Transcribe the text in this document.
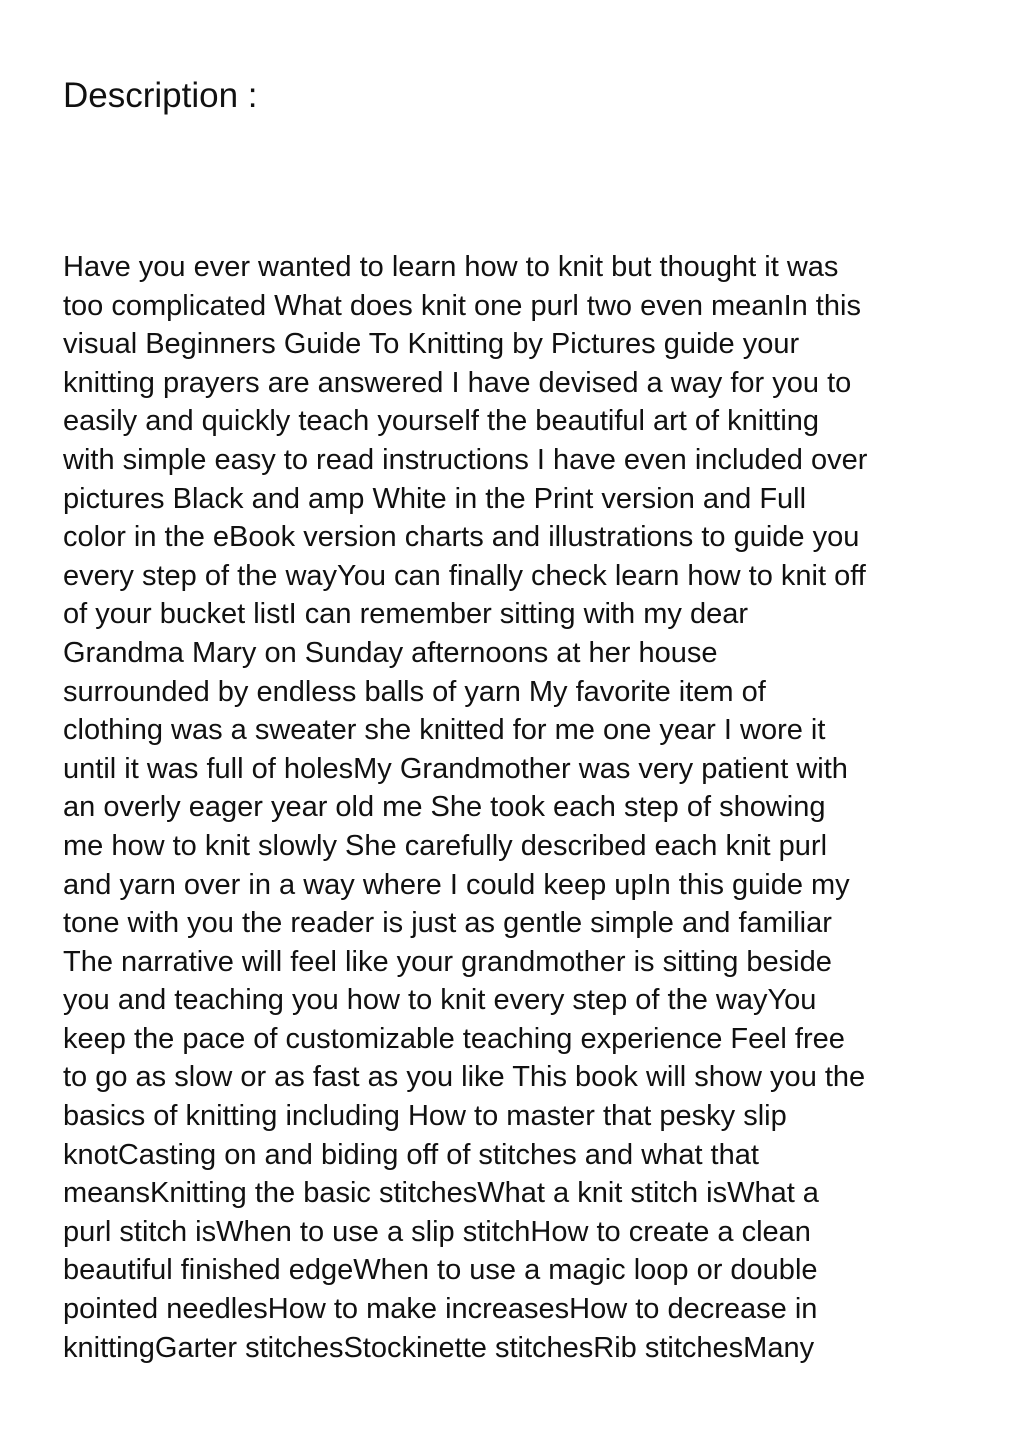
Description :
Have you ever wanted to learn how to knit but thought it was
too complicated What does knit one purl two even meanIn this
visual Beginners Guide To Knitting by Pictures guide your
knitting prayers are answered I have devised a way for you to
easily and quickly teach yourself the beautiful art of knitting
with simple easy to read instructions I have even included over
pictures Black and amp White in the Print version and Full
color in the eBook version charts and illustrations to guide you
every step of the wayYou can finally check learn how to knit off
of your bucket listI can remember sitting with my dear
Grandma Mary on Sunday afternoons at her house
surrounded by endless balls of yarn My favorite item of
clothing was a sweater she knitted for me one year I wore it
until it was full of holesMy Grandmother was very patient with
an overly eager year old me She took each step of showing
me how to knit slowly She carefully described each knit purl
and yarn over in a way where I could keep upIn this guide my
tone with you the reader is just as gentle simple and familiar
The narrative will feel like your grandmother is sitting beside
you and teaching you how to knit every step of the wayYou
keep the pace of customizable teaching experience Feel free
to go as slow or as fast as you like This book will show you the
basics of knitting including How to master that pesky slip
knotCasting on and biding off of stitches and what that
meansKnitting the basic stitchesWhat a knit stitch isWhat a
purl stitch isWhen to use a slip stitchHow to create a clean
beautiful finished edgeWhen to use a magic loop or double
pointed needlesHow to make increasesHow to decrease in
knittingGarter stitchesStockinette stitchesRib stitchesMany
